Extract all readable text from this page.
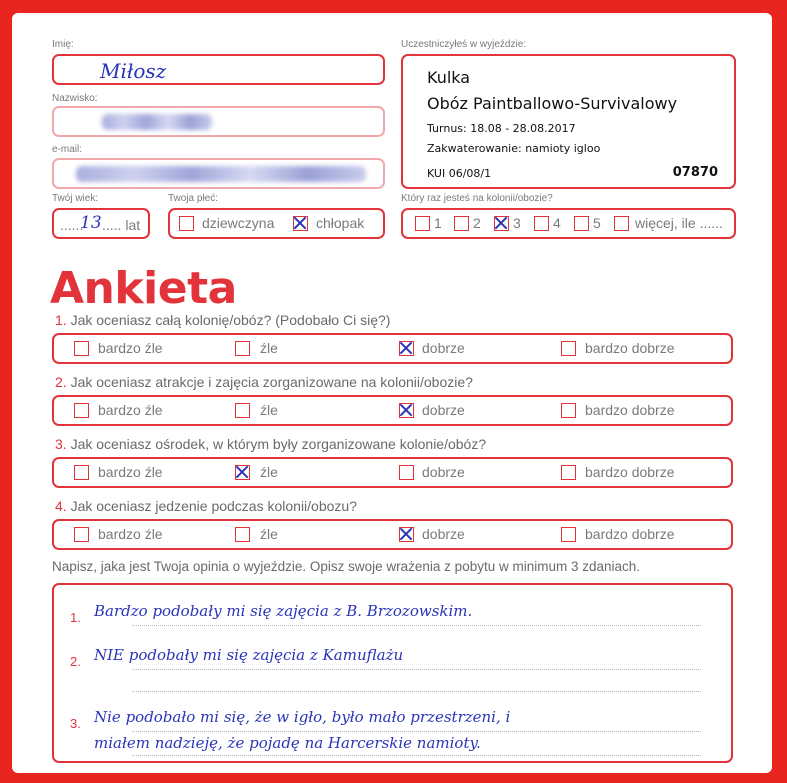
Imię:
Miłosz
Nazwisko:
e-mail:
Twój wiek:
......
13 ..... lat
Twoja płeć:
dziewczyna	chłopak
Uczestniczyłeś w wyjeździe:
Kulka
Obóz Paintballowo-Survivalowy
Turnus: 18.08 - 28.08.2017
Zakwaterowanie: namioty igloo
KUI 06/08/1	07870
Który raz jesteś na kolonii/obozie?
1 2 3 4 5 więcej, ile ......
Ankieta
1. Jak oceniasz całą kolonię/obóz? (Podobało Ci się?)
bardzo źle	źle	dobrze	bardzo dobrze
2. Jak oceniasz atrakcje i zajęcia zorganizowane na kolonii/obozie?
bardzo źle	źle	dobrze	bardzo dobrze
3. Jak oceniasz ośrodek, w którym były zorganizowane kolonie/obóz?
bardzo źle	źle	dobrze	bardzo dobrze
4. Jak oceniasz jedzenie podczas kolonii/obozu?
bardzo źle	źle	dobrze	bardzo dobrze
Napisz, jaka jest Twoja opinia o wyjeździe. Opisz swoje wrażenia z pobytu w minimum 3 zdaniach.
1. Bardzo podobały mi się zajęcia z B. Brzozowskim.
2. NIE podobały mi się zajęcia z Kamuflażu
3. Nie podobało mi się, że w igło, było mało przestrzeni, i
miałem nadzieję, że pojadę na Harcerskie namioty.
